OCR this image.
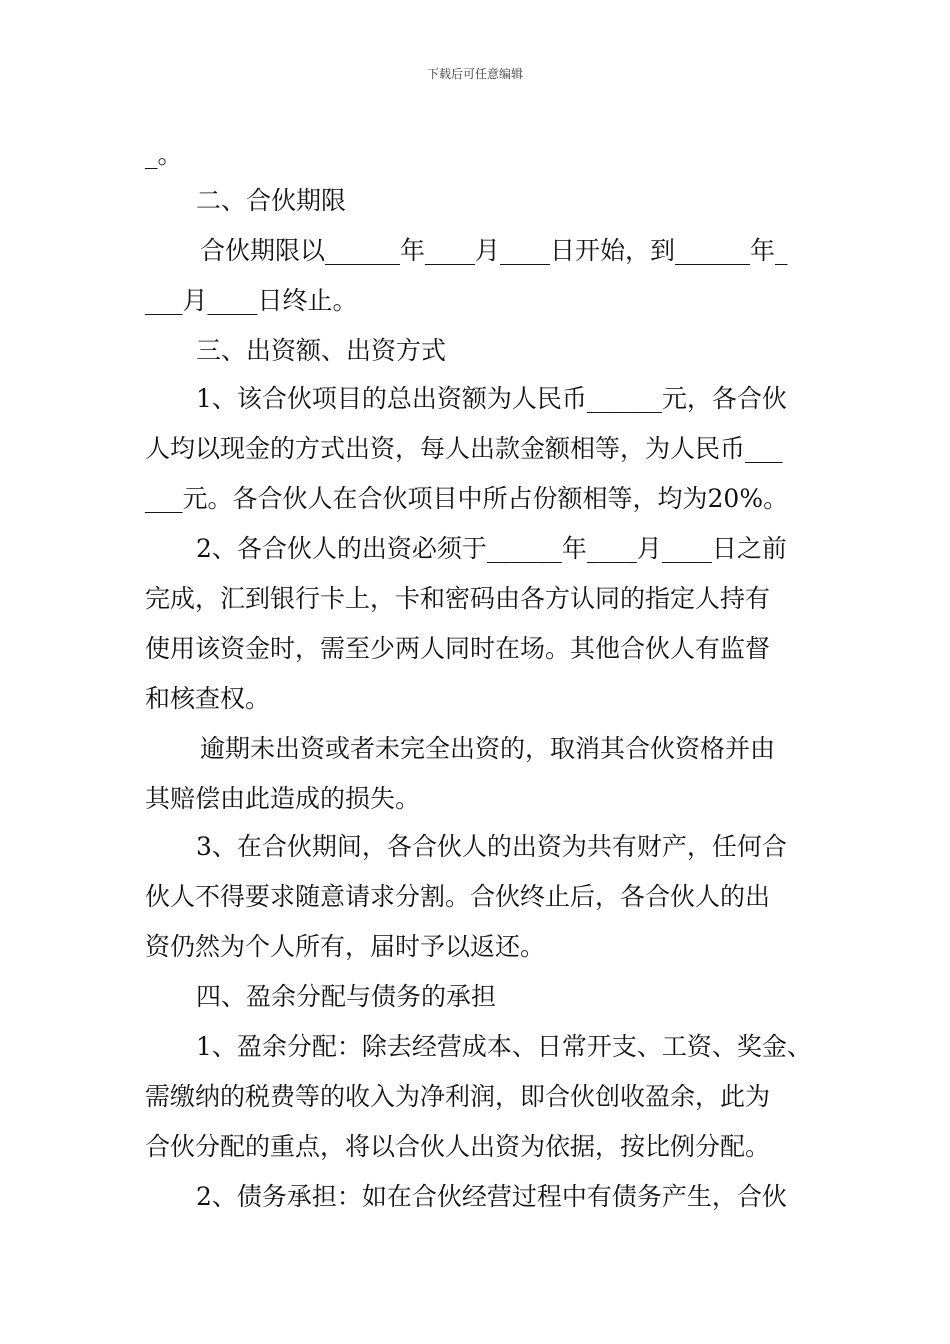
下载后可任意编辑
_。
二、合伙期限
合伙期限以______年____月____日开始，到______年_
___月____日终止。
三、出资额、出资方式
1、该合伙项目的总出资额为人民币______元，各合伙
人均以现金的方式出资，每人出款金额相等，为人民币___
___元。各合伙人在合伙项目中所占份额相等，均为20%。
2、各合伙人的出资必须于______年____月____日之前
完成，汇到银行卡上，卡和密码由各方认同的指定人持有
使用该资金时，需至少两人同时在场。其他合伙人有监督
和核查权。
逾期未出资或者未完全出资的，取消其合伙资格并由
其赔偿由此造成的损失。
3、在合伙期间，各合伙人的出资为共有财产，任何合
伙人不得要求随意请求分割。合伙终止后，各合伙人的出
资仍然为个人所有，届时予以返还。
四、盈余分配与债务的承担
1、盈余分配：除去经营成本、日常开支、工资、奖金、
需缴纳的税费等的收入为净利润，即合伙创收盈余，此为
合伙分配的重点，将以合伙人出资为依据，按比例分配。
2、债务承担：如在合伙经营过程中有债务产生，合伙
